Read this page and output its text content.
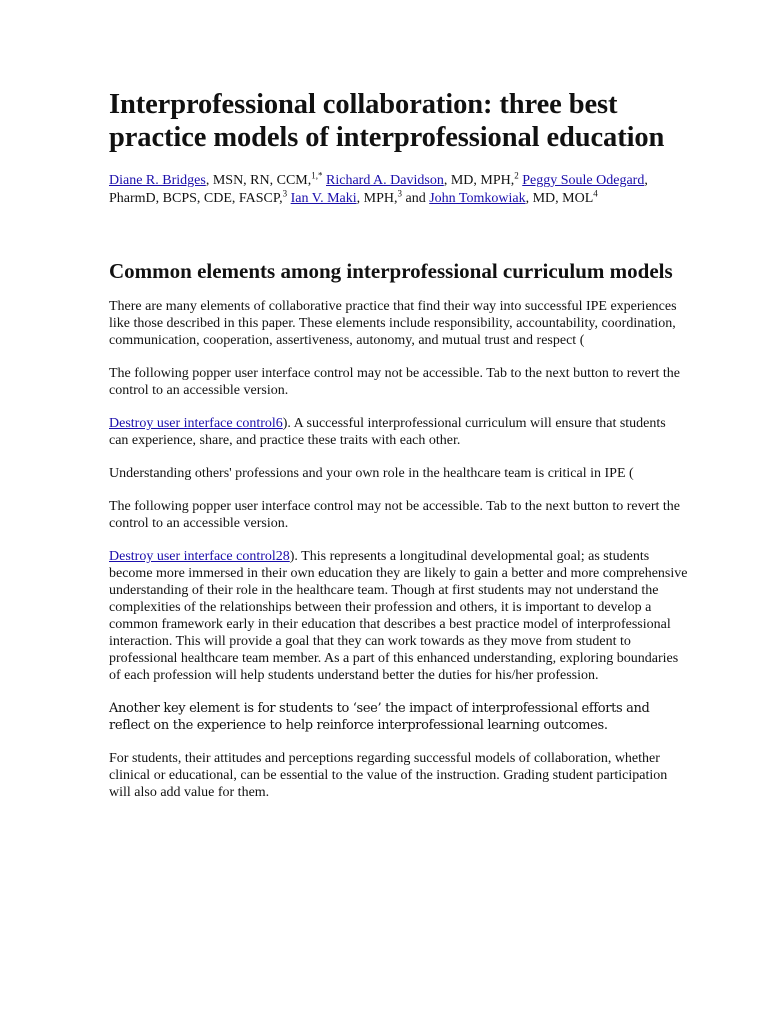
Interprofessional collaboration: three best practice models of interprofessional education
Diane R. Bridges, MSN, RN, CCM,$^{1,*}$ Richard A. Davidson, MD, MPH,$^2$ Peggy Soule Odegard, PharmD, BCPS, CDE, FASCP,$^3$ Ian V. Maki, MPH,$^3$ and John Tomkowiak, MD, MOL$^4$
Common elements among interprofessional curriculum models

There are many elements of collaborative practice that find their way into successful IPE experiences like those described in this paper. These elements include responsibility, accountability, coordination, communication, cooperation, assertiveness, autonomy, and mutual trust and respect (

The following popper user interface control may not be accessible. Tab to the next button to revert the control to an accessible version.

Destroy user interface control6). A successful interprofessional curriculum will ensure that students can experience, share, and practice these traits with each other.

Understanding others' professions and your own role in the healthcare team is critical in IPE (

The following popper user interface control may not be accessible. Tab to the next button to revert the control to an accessible version.

Destroy user interface control28). This represents a longitudinal developmental goal; as students become more immersed in their own education they are likely to gain a better and more comprehensive understanding of their role in the healthcare team. Though at first students may not understand the complexities of the relationships between their profession and others, it is important to develop a common framework early in their education that describes a best practice model of interprofessional interaction. This will provide a goal that they can work towards as they move from student to professional healthcare team member. As a part of this enhanced understanding, exploring boundaries of each profession will help students understand better the duties for his/her profession.

Another key element is for students to ‘see’ the impact of interprofessional efforts and reflect on the experience to help reinforce interprofessional learning outcomes.

For students, their attitudes and perceptions regarding successful models of collaboration, whether clinical or educational, can be essential to the value of the instruction. Grading student participation will also add value for them.
